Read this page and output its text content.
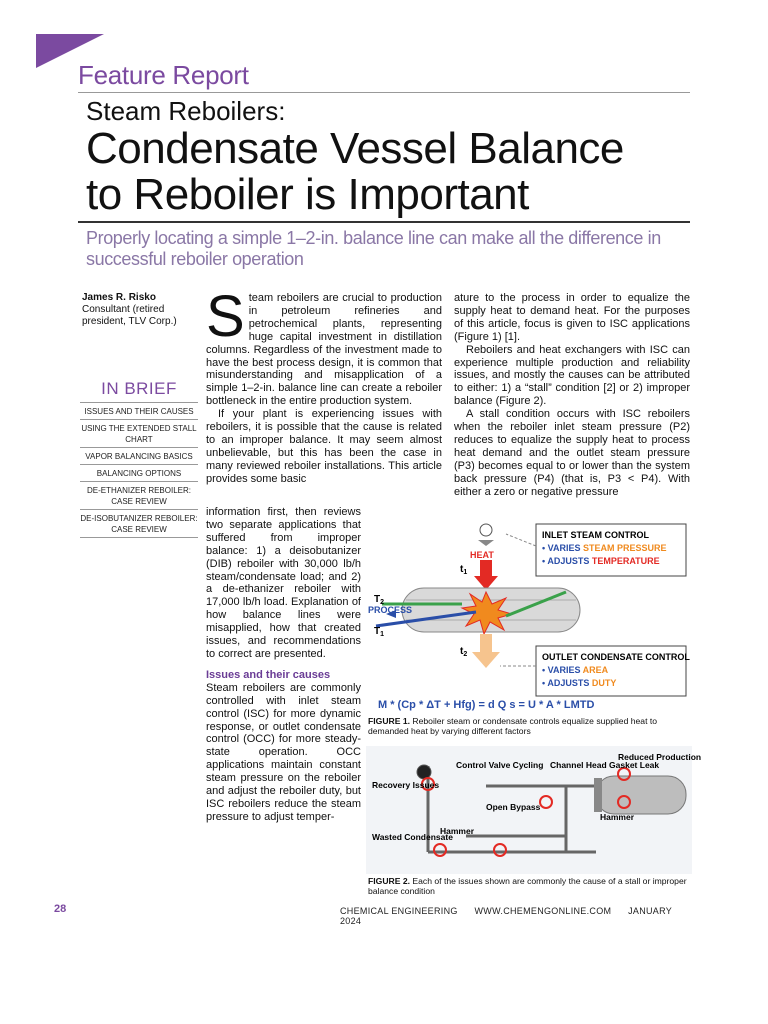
Feature Report
Steam Reboilers:
Condensate Vessel Balance
to Reboiler is Important
Properly locating a simple 1–2-in. balance line can make all the difference in successful reboiler operation
James R. Risko
Consultant (retired president, TLV Corp.)
IN BRIEF
ISSUES AND THEIR CAUSES
USING THE EXTENDED STALL CHART
VAPOR BALANCING BASICS
BALANCING OPTIONS
DE-ETHANIZER REBOILER: CASE REVIEW
DE-ISOBUTANIZER REBOILER: CASE REVIEW

Steam reboilers are crucial to production in petroleum refineries and petrochemical plants, representing huge capital investment in distillation columns. Regardless of the investment made to have the best process design, it is common that misunderstanding and misapplication of a simple 1–2-in. balance line can create a reboiler bottleneck in the entire production system.

If your plant is experiencing issues with reboilers, it is possible that the cause is related to an improper balance. It may seem almost unbelievable, but this has been the case in many reviewed reboiler installations. This article provides some basic

information first, then reviews two separate applications that suffered from improper balance: 1) a deisobutanizer (DIB) reboiler with 30,000 lb/h steam/condensate load; and 2) a de-ethanizer reboiler with 17,000 lb/h load. Explanation of how balance lines were misapplied, how that created issues, and recommendations to correct are presented.

Issues and their causes

Steam reboilers are commonly controlled with inlet steam control (ISC) for more dynamic response, or outlet condensate control (OCC) for more steady-state operation. OCC applications maintain constant steam pressure on the reboiler and adjust the reboiler duty, but ISC reboilers reduce the steam pressure to adjust temper-

ature to the process in order to equalize the supply heat to demand heat. For the purposes of this article, focus is given to ISC applications (Figure 1) [1].

Reboilers and heat exchangers with ISC can experience multiple production and reliability issues, and mostly the causes can be attributed to either: 1) a “stall” condition [2] or 2) improper balance (Figure 2).

A stall condition occurs with ISC reboilers when the reboiler inlet steam pressure (P2) reduces to equalize the supply heat to process heat demand and the outlet steam pressure (P3) becomes equal to or lower than the system back pressure (P4) (that is, P3 < P4). With either a zero or negative pressure

INLET STEAM CONTROL
• VARIES STEAM PRESSURE
• ADJUSTS TEMPERATURE
HEAT
$t_1$
$T_2$
PROCESS
$T_1$
$t_2$	OUTLET CONDENSATE CONTROL
• VARIES AREA
• ADJUSTS DUTY
M * (Cp * ΔT + Hfg) = d Q s = U * A * LMTD
FIGURE 1. Reboiler steam or condensate controls equalize supplied heat to demanded heat by varying different factors
Recovery Issues
Control Valve Cycling Channel Head Gasket Leak
Reduced Production
Open Bypass
Hammer
Hammer
Wasted Condensate
FIGURE 2. Each of the issues shown are commonly the cause of a stall or improper balance condition
28	CHEMICAL ENGINEERING WWW.CHEMENGONLINE.COM JANUARY 2024
